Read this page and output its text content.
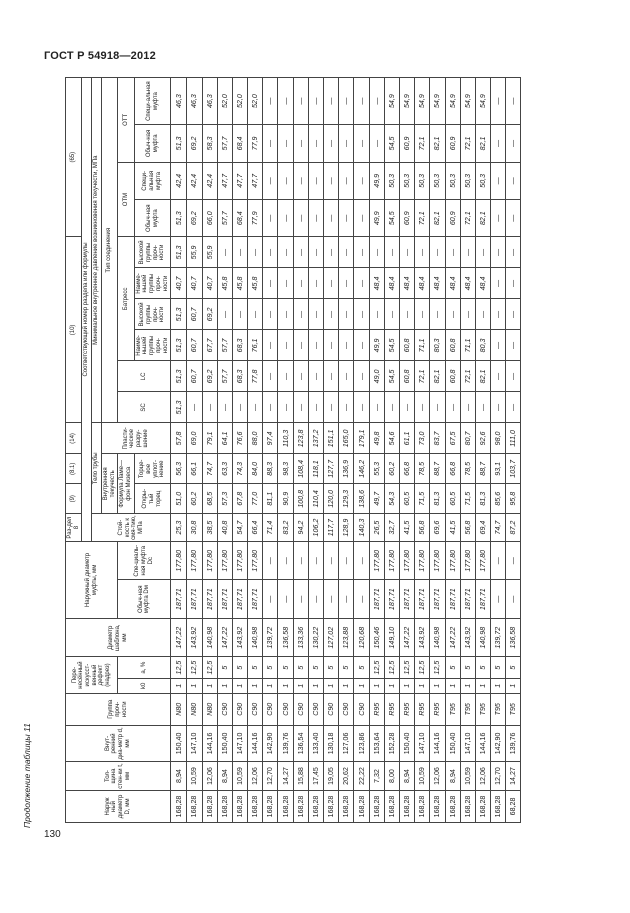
ГОСТ Р 54918—2012
Продолжение таблицы 11
130
Наруж ный диаметр D, мм	Тол-щина стен-ки t, мм	Внут-ренний диа-метр d, мм	Группа проч-ности	Пере-несённый искусст-венный дефект (надрез)		Диаметр шаблона, мм	Наружный диаметр муфты, мм		Раз-дел 8	(9)	(8.1)	(14)	(10)						(65)			
									Соответствующий номер раздела или формулы													
									Стой-кость к смя-тию, МПа	Тело трубы			Минимальное внутреннее давление возникновения текучести, МПа									
										Внутренняя текучесть		Пласти-ческое разру-шение	Тип соединения									
				k0	a, %		Обыч-ная муфта Dм	Спе-циаль-ная муфта Dс		Формула Ламе—фон Мизеса			SC	LC	Батресс				ОТМ		ОТТ	
										Откры-тый торец	Торце-вое уплот-нение				Наиме-ньшей группы проч-ности	Высокой группы проч-ности	Наиме-ньшей группы проч-ности	Высокой группы проч-ности	Обыч-ная муфта	Специ-альная муфта	Обыч-ная муфта	Специ-альная муфта
168,28	8,94	150,40	N80	1	12,5	147,22	187,71	177,80	25,3	51,0	56,3	57,8	51,3	51,3	51,3	51,3	40,7	51,3	51,3	42,4	51,3	46,3
168,28	10,59	147,10	N80	1	12,5	143,92	187,71	177,80	30,8	60,2	66,1	69,0	—	60,7	60,7	60,7	40,7	55,9	69,2	42,4	69,2	46,3
168,28	12,06	144,16	N80	1	12,5	140,98	187,71	177,80	38,5	68,5	74,7	79,1	—	69,2	67,7	69,2	40,7	55,9	66,0	42,4	58,3	46,3
168,28	8,94	150,40	C90	1	5	147,22	187,71	177,80	40,8	57,3	63,3	64,1	—	57,7	57,7	—	45,8	—	57,7	47,7	57,7	52,0
168,28	10,59	147,10	C90	1	5	143,92	187,71	177,80	54,7	67,8	74,3	76,6	—	68,3	68,3	—	45,8	—	68,4	47,7	68,4	52,0
168,28	12,06	144,16	C90	1	5	140,98	187,71	177,80	66,4	77,0	84,0	88,0	—	77,8	76,1	—	45,8	—	77,9	47,7	77,9	52,0
168,28	12,70	142,90	C90	1	5	139,72	—	—	71,4	81,1	88,3	97,4	—	—	—	—	—	—	—	—	—	—
168,28	14,27	139,76	C90	1	5	136,58	—	—	83,2	90,9	98,3	110,3	—	—	—	—	—	—	—	—	—	—
168,28	15,88	136,54	C90	1	5	133,36	—	—	94,2	100,8	108,4	123,8	—	—	—	—	—	—	—	—	—	—
168,28	17,45	133,40	C90	1	5	130,22	—	—	106,2	110,4	118,1	137,2	—	—	—	—	—	—	—	—	—	—
168,28	19,05	130,18	C90	1	5	127,02	—	—	117,7	120,0	127,7	151,1	—	—	—	—	—	—	—	—	—	—
168,28	20,62	127,06	C90	1	5	123,88	—	—	128,9	129,3	136,9	165,0	—	—	—	—	—	—	—	—	—	—
168,28	22,22	123,86	C90	1	5	120,68	—	—	140,3	138,6	146,2	179,1	—	—	—	—	—	—	—	—	—	—
168,28	7,32	153,64	R95	1	12,5	150,46	187,71	177,80	26,5	49,7	55,3	49,8	—	49,0	49,9	—	48,4	—	49,9	49,9	—	—
168,28	8,00	152,28	R95	1	12,5	149,10	187,71	177,80	32,7	54,3	60,2	54,6	—	54,5	54,5	—	48,4	—	54,5	50,3	54,5	54,9
168,28	8,94	150,40	R95	1	12,5	147,22	187,71	177,80	41,5	60,5	66,8	61,1	—	60,8	60,8	—	48,4	—	60,9	50,3	60,9	54,9
168,28	10,59	147,10	R95	1	12,5	143,92	187,71	177,80	56,8	71,5	78,5	73,0	—	72,1	71,1	—	48,4	—	72,1	50,3	72,1	54,9
168,28	12,06	144,16	R95	1	12,5	140,98	187,71	177,80	69,6	81,3	88,7	83,7	—	82,1	80,3	—	48,4	—	82,1	50,3	82,1	54,9
168,28	8,94	150,40	T95	1	5	147,22	187,71	177,80	41,5	60,5	66,8	67,5	—	60,8	60,8	—	48,4	—	60,9	50,3	60,9	54,9
168,28	10,59	147,10	T95	1	5	143,92	187,71	177,80	56,8	71,5	78,5	80,7	—	72,1	71,1	—	48,4	—	72,1	50,3	72,1	54,9
168,28	12,06	144,16	T95	1	5	140,98	187,71	177,80	69,4	81,3	88,7	92,6	—	82,1	80,3	—	48,4	—	82,1	50,3	82,1	54,9
168,28	12,70	142,90	T95	1	5	139,72	—	—	74,7	85,6	93,1	98,0	—	—	—	—	—	—	—	—	—	—
68,28	14,27	139,76	T95	1	5	136,58	—	—	87,2	95,8	103,7	111,0	—	—	—	—	—	—	—	—	—	—
